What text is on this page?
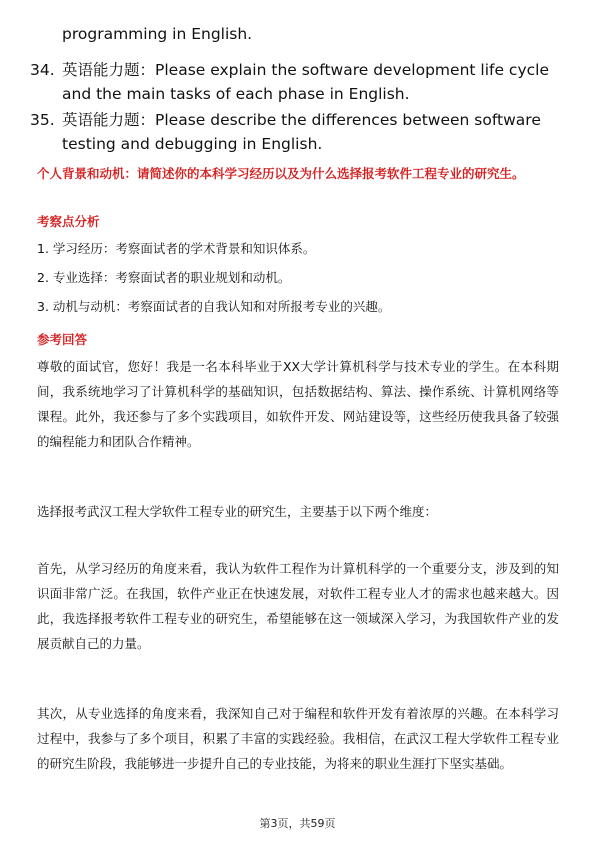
programming in English.
34. 英语能力题：Please explain the software development life cycle and the main tasks of each phase in English.
35. 英语能力题：Please describe the differences between software testing and debugging in English.
个人背景和动机：请简述你的本科学习经历以及为什么选择报考软件工程专业的研究生。
考察点分析
1. 学习经历：考察面试者的学术背景和知识体系。
2. 专业选择：考察面试者的职业规划和动机。
3. 动机与动机：考察面试者的自我认知和对所报考专业的兴趣。
参考回答
尊敬的面试官，您好！我是一名本科毕业于XX大学计算机科学与技术专业的学生。在本科期间，我系统地学习了计算机科学的基础知识，包括数据结构、算法、操作系统、计算机网络等课程。此外，我还参与了多个实践项目，如软件开发、网站建设等，这些经历使我具备了较强的编程能力和团队合作精神。
选择报考武汉工程大学软件工程专业的研究生，主要基于以下两个维度：
首先，从学习经历的角度来看，我认为软件工程作为计算机科学的一个重要分支，涉及到的知识面非常广泛。在我国，软件产业正在快速发展，对软件工程专业人才的需求也越来越大。因此，我选择报考软件工程专业的研究生，希望能够在这一领域深入学习，为我国软件产业的发展贡献自己的力量。
其次，从专业选择的角度来看，我深知自己对于编程和软件开发有着浓厚的兴趣。在本科学习过程中，我参与了多个项目，积累了丰富的实践经验。我相信，在武汉工程大学软件工程专业的研究生阶段，我能够进一步提升自己的专业技能，为将来的职业生涯打下坚实基础。
第3页，共59页
